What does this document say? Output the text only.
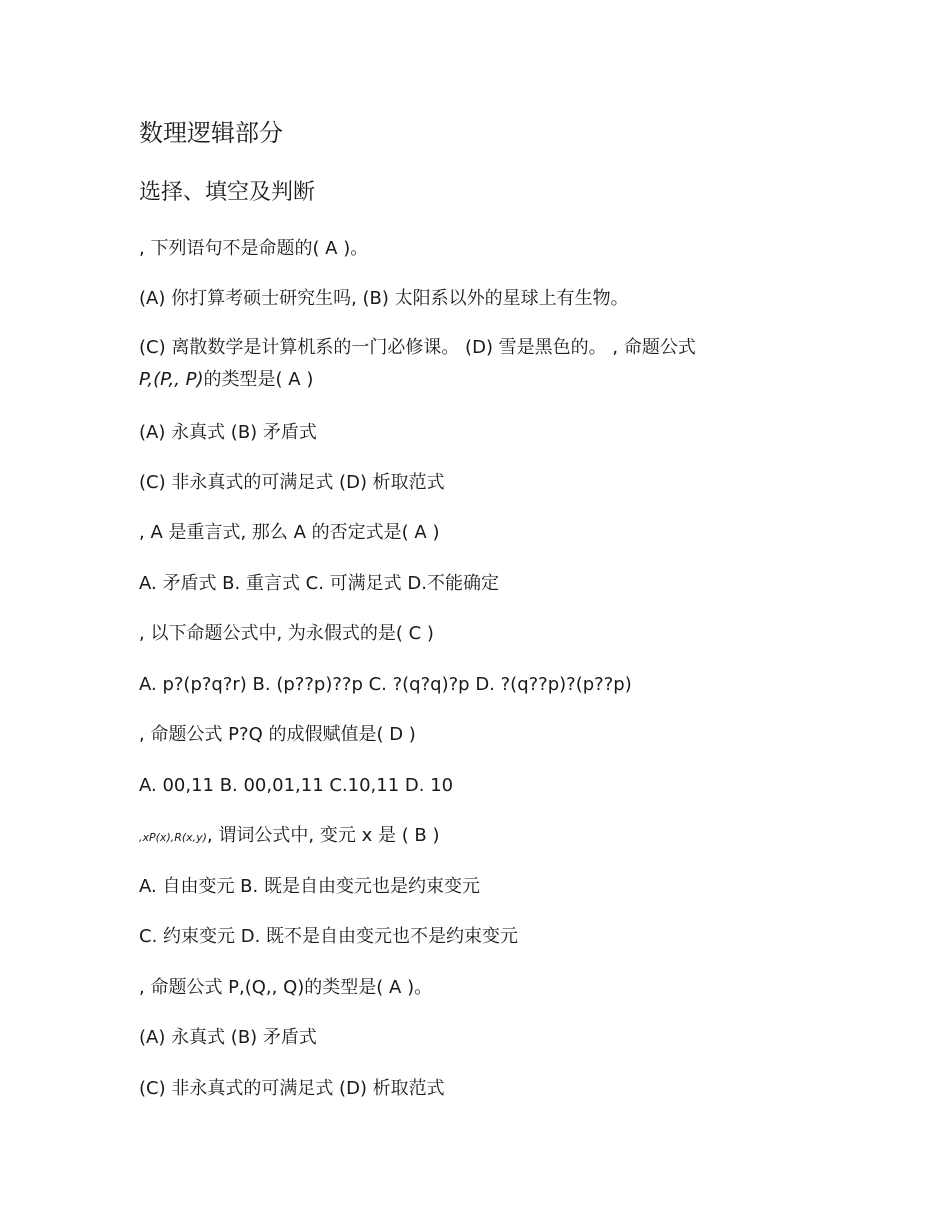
数理逻辑部分
选择、填空及判断
, 下列语句不是命题的( A )。
(A) 你打算考硕士研究生吗, (B) 太阳系以外的星球上有生物。
(C) 离散数学是计算机系的一门必修课。 (D) 雪是黑色的。 , 命题公式
P,(P,, P)的类型是( A )
(A) 永真式 (B) 矛盾式
(C) 非永真式的可满足式 (D) 析取范式
, A 是重言式, 那么 A 的否定式是( A )
A. 矛盾式 B. 重言式 C. 可满足式 D.不能确定
, 以下命题公式中, 为永假式的是( C )
A. p?(p?q?r) B. (p??p)??p C. ?(q?q)?p D. ?(q??p)?(p??p)
, 命题公式 P?Q 的成假赋值是( D )
A. 00,11 B. 00,01,11 C.10,11 D. 10
,xP(x),R(x,y), 谓词公式中, 变元 x 是 ( B )
A. 自由变元 B. 既是自由变元也是约束变元
C. 约束变元 D. 既不是自由变元也不是约束变元
, 命题公式 P,(Q,, Q)的类型是( A )。
(A) 永真式 (B) 矛盾式
(C) 非永真式的可满足式 (D) 析取范式
